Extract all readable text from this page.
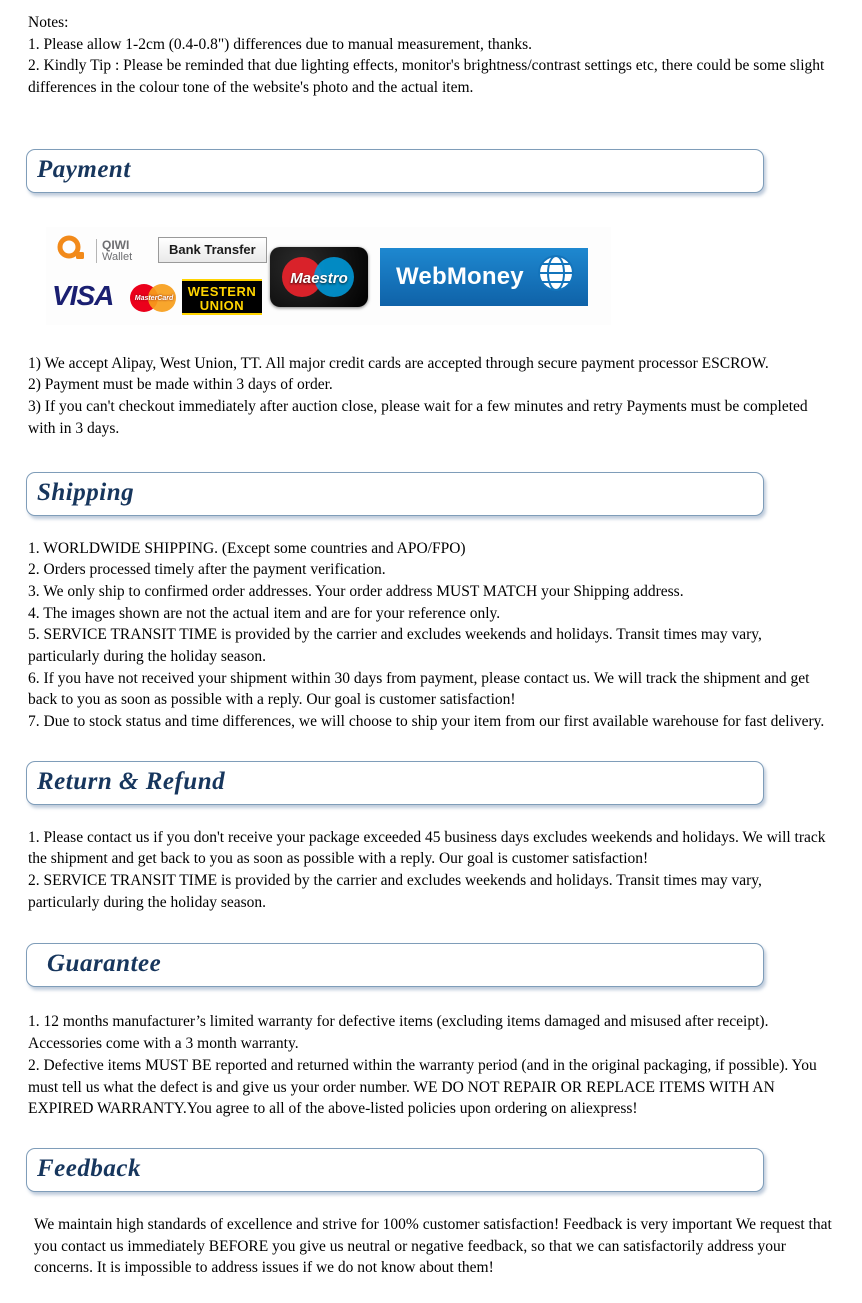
Notes:

1. Please allow 1-2cm (0.4-0.8") differences due to manual measurement, thanks.

2. Kindly Tip : Please be reminded that due lighting effects, monitor's brightness/contrast settings etc, there could be some slight differences in the colour tone of the website's photo and the actual item.

Payment
QIWI
Wallet
Bank Transfer
VISA	MasterCard	WESTERN
UNION
Maestro	WebMoney

1) We accept Alipay, West Union, TT. All major credit cards are accepted through secure payment processor ESCROW.

2) Payment must be made within 3 days of order.

3) If you can't checkout immediately after auction close, please wait for a few minutes and retry Payments must be completed with in 3 days.

Shipping

1. WORLDWIDE SHIPPING. (Except some countries and APO/FPO)

2. Orders processed timely after the payment verification.

3. We only ship to confirmed order addresses. Your order address MUST MATCH your Shipping address.

4. The images shown are not the actual item and are for your reference only.

5. SERVICE TRANSIT TIME is provided by the carrier and excludes weekends and holidays. Transit times may vary, particularly during the holiday season.

6. If you have not received your shipment within 30 days from payment, please contact us. We will track the shipment and get back to you as soon as possible with a reply. Our goal is customer satisfaction!

7. Due to stock status and time differences, we will choose to ship your item from our first available warehouse for fast delivery.

Return & Refund

1. Please contact us if you don't receive your package exceeded 45 business days excludes weekends and holidays. We will track the shipment and get back to you as soon as possible with a reply. Our goal is customer satisfaction!

2. SERVICE TRANSIT TIME is provided by the carrier and excludes weekends and holidays. Transit times may vary, particularly during the holiday season.

Guarantee

1. 12 months manufacturer’s limited warranty for defective items (excluding items damaged and misused after receipt). Accessories come with a 3 month warranty.

2. Defective items MUST BE reported and returned within the warranty period (and in the original packaging, if possible). You must tell us what the defect is and give us your order number. WE DO NOT REPAIR OR REPLACE ITEMS WITH AN EXPIRED WARRANTY.You agree to all of the above-listed policies upon ordering on aliexpress!

Feedback

We maintain high standards of excellence and strive for 100% customer satisfaction! Feedback is very important We request that you contact us immediately BEFORE you give us neutral or negative feedback, so that we can satisfactorily address your concerns. It is impossible to address issues if we do not know about them!
